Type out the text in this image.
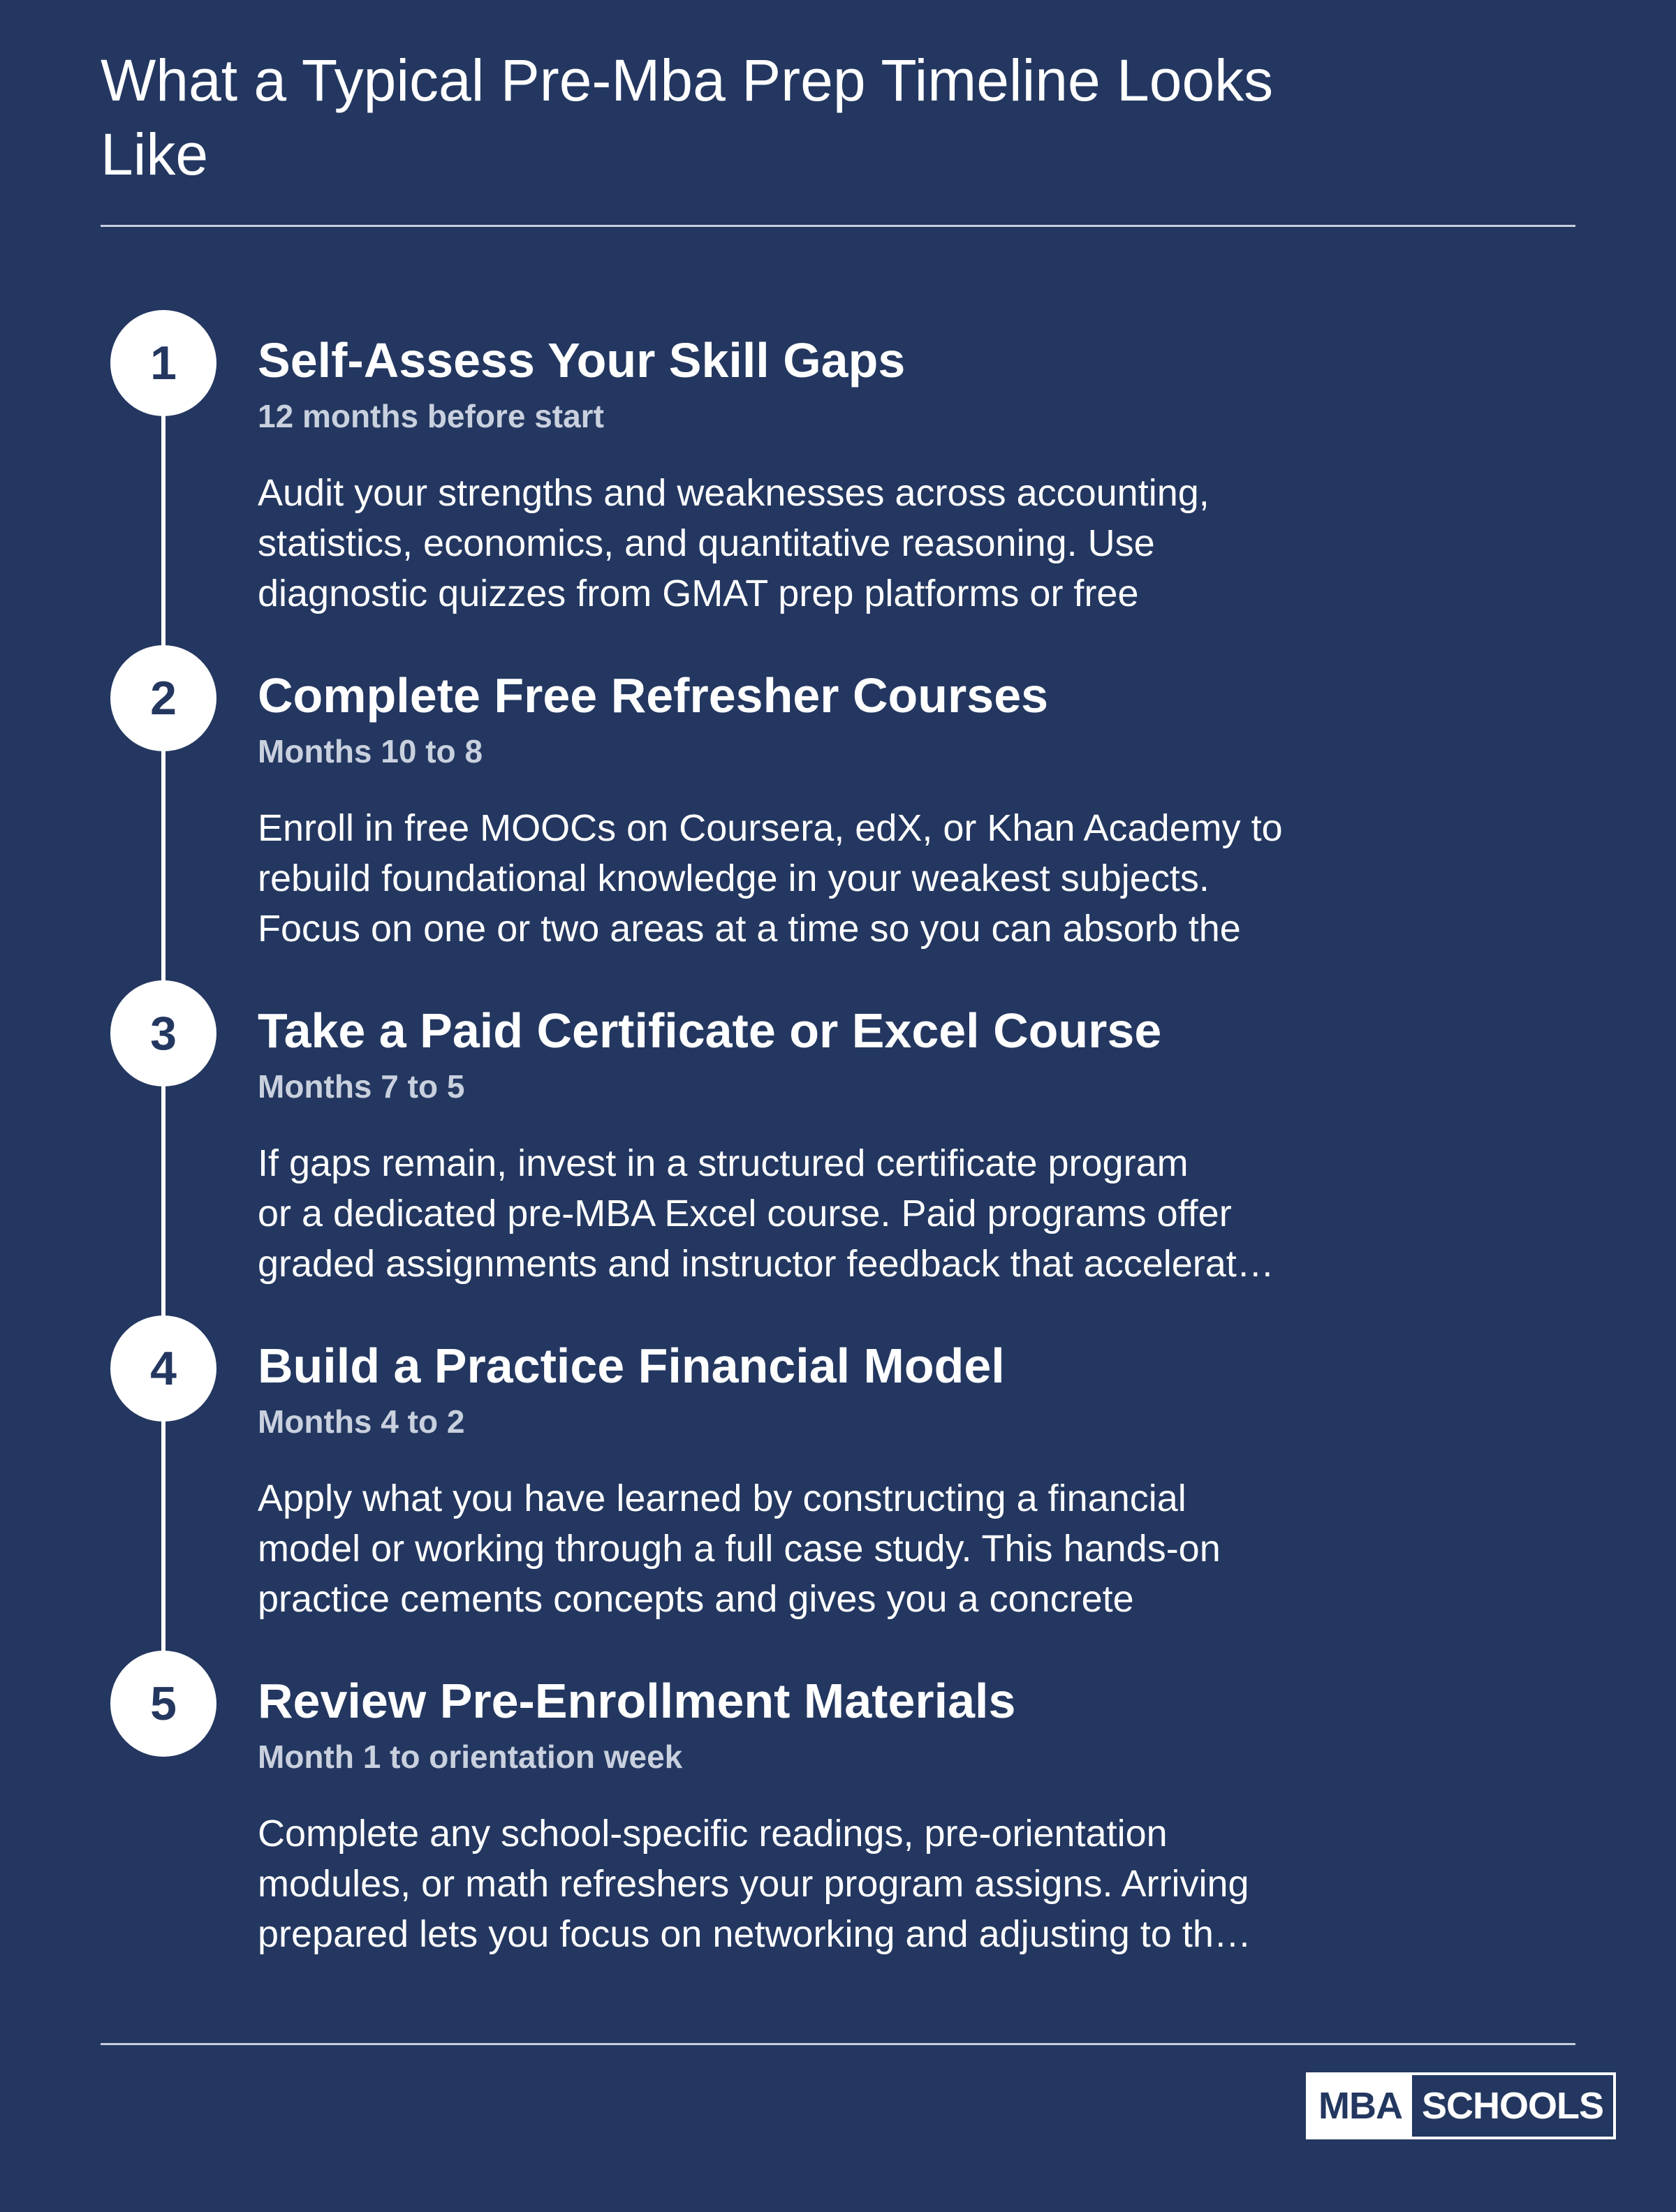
What a Typical Pre-Mba Prep Timeline Looks Like
1	Self-Assess Your Skill Gaps
12 months before start
Audit your strengths and weaknesses across accounting,
statistics, economics, and quantitative reasoning. Use
diagnostic quizzes from GMAT prep platforms or free
2	Complete Free Refresher Courses
Months 10 to 8
Enroll in free MOOCs on Coursera, edX, or Khan Academy to
rebuild foundational knowledge in your weakest subjects.
Focus on one or two areas at a time so you can absorb the
3	Take a Paid Certificate or Excel Course
Months 7 to 5
If gaps remain, invest in a structured certificate program
or a dedicated pre-MBA Excel course. Paid programs offer
graded assignments and instructor feedback that accelerat…
4	Build a Practice Financial Model
Months 4 to 2
Apply what you have learned by constructing a financial
model or working through a full case study. This hands-on
practice cements concepts and gives you a concrete
5	Review Pre-Enrollment Materials
Month 1 to orientation week
Complete any school-specific readings, pre-orientation
modules, or math refreshers your program assigns. Arriving
prepared lets you focus on networking and adjusting to th…
MBA SCHOOLS
